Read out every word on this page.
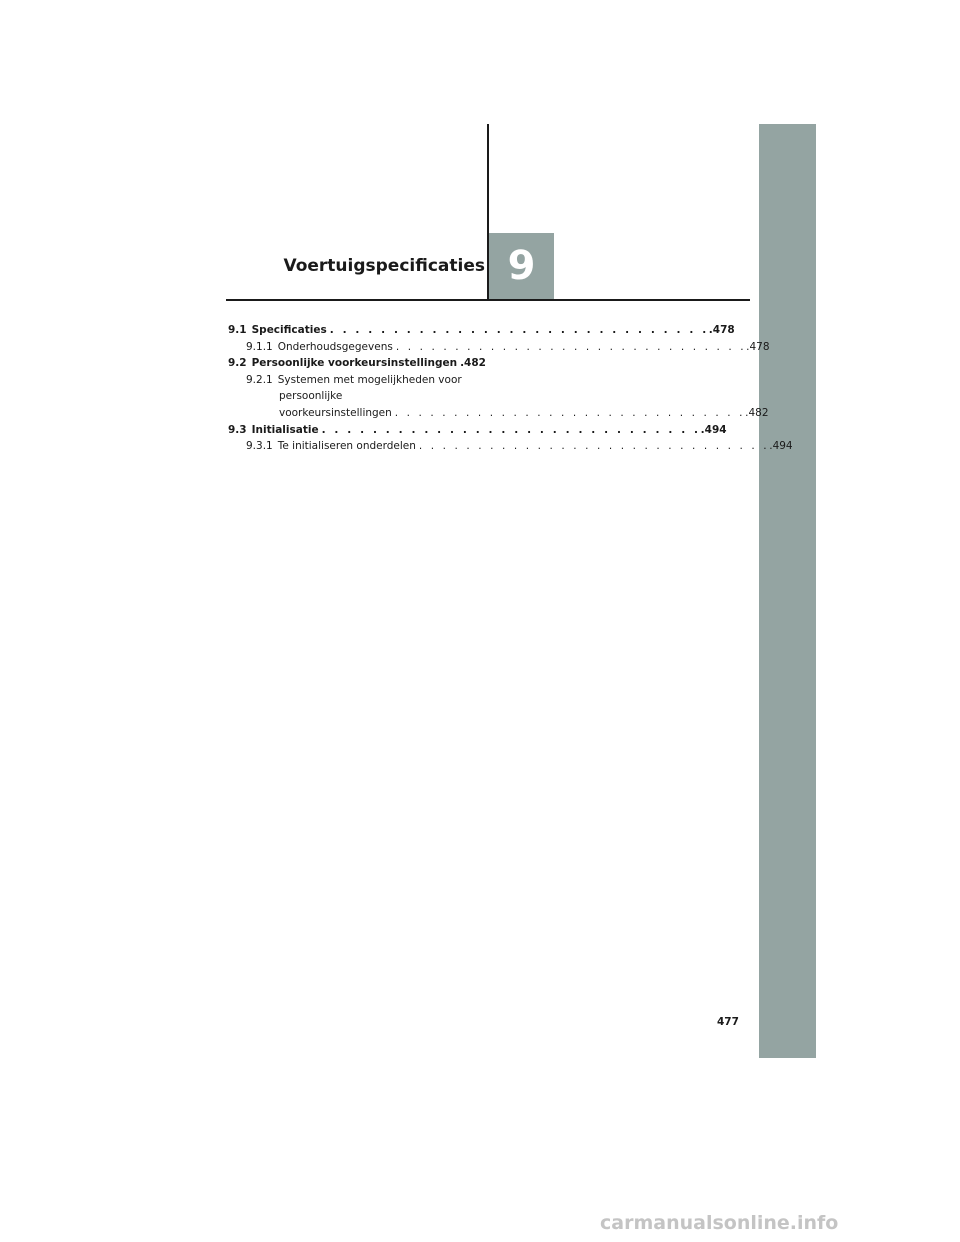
9
Voertuigspecificaties
9.1 Specificaties . . . . . . . . . . . . . . . . . . . . . . . . . . . . . . .478
9.1.1 Onderhoudsgegevens . . . . . . . . . . . . . . . . . . . . . . . . . . . . . . .478
9.2 Persoonlijke voorkeursinstellingen .482
9.2.1 Systemen met mogelijkheden voor
persoonlijke
voorkeursinstellingen . . . . . . . . . . . . . . . . . . . . . . . . . . . . . . .482
9.3 Initialisatie . . . . . . . . . . . . . . . . . . . . . . . . . . . . . . .494
9.3.1 Te initialiseren onderdelen . . . . . . . . . . . . . . . . . . . . . . . . . . . . . . .494
477
carmanualsonline.info
